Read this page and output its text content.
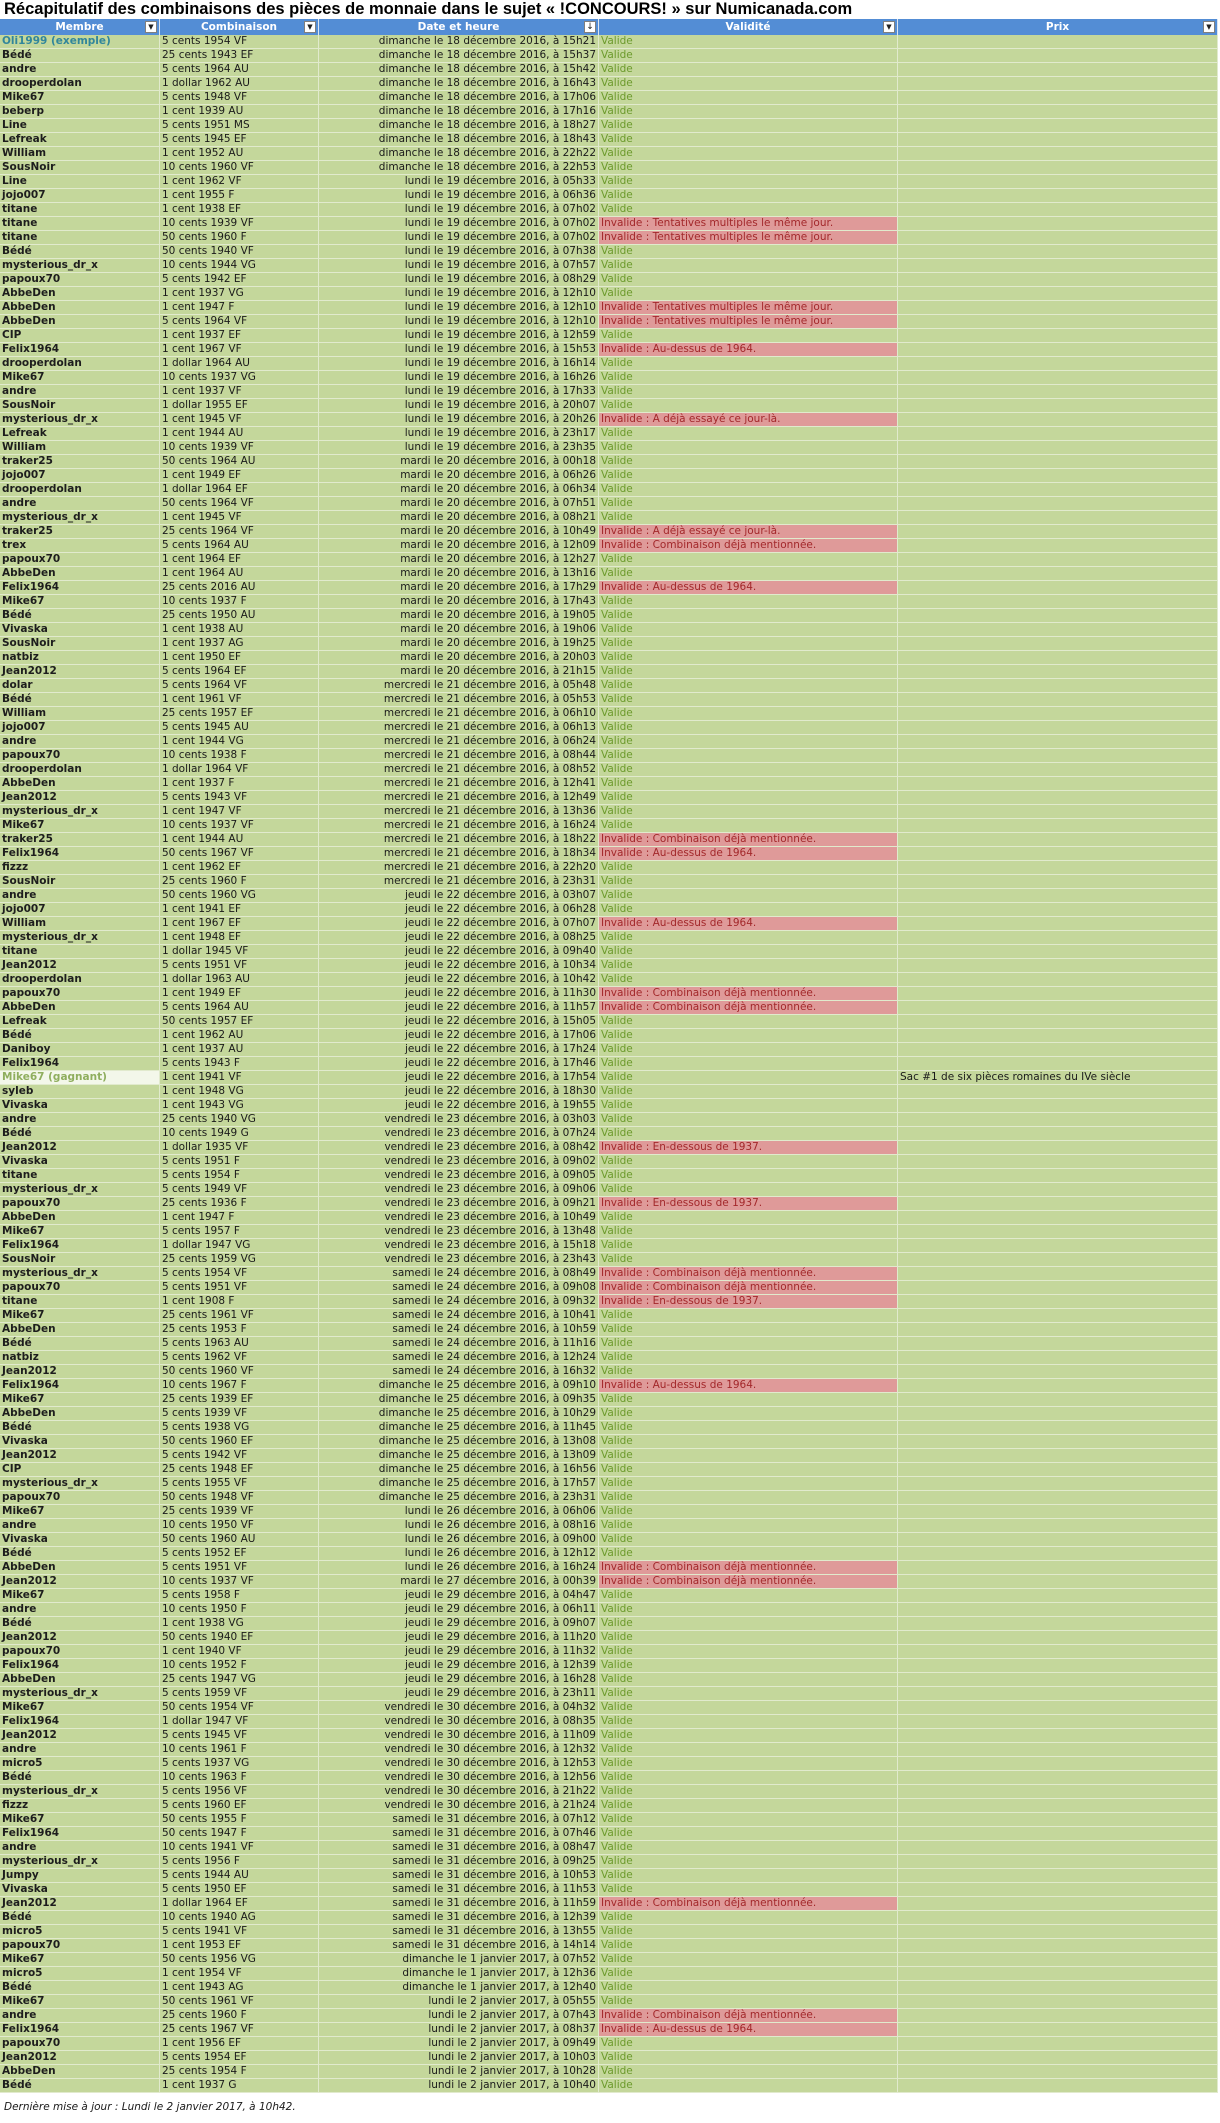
Récapitulatif des combinaisons des pièces de monnaie dans le sujet « !CONCOURS! » sur Numicanada.com
Membre	▼	Combinaison	▼	Date et heure	↓	Validité	▼	Prix	▼
Oli1999 (exemple)	5 cents 1954 VF	dimanche le 18 décembre 2016, à 15h21 Valide
Bédé	25 cents 1943 EF	dimanche le 18 décembre 2016, à 15h37 Valide
andre	5 cents 1964 AU	dimanche le 18 décembre 2016, à 15h42 Valide
drooperdolan	1 dollar 1962 AU	dimanche le 18 décembre 2016, à 16h43 Valide
Mike67	5 cents 1948 VF	dimanche le 18 décembre 2016, à 17h06 Valide
beberp	1 cent 1939 AU	dimanche le 18 décembre 2016, à 17h16 Valide
Line	5 cents 1951 MS	dimanche le 18 décembre 2016, à 18h27 Valide
Lefreak	5 cents 1945 EF	dimanche le 18 décembre 2016, à 18h43 Valide
William	1 cent 1952 AU	dimanche le 18 décembre 2016, à 22h22 Valide
SousNoir	10 cents 1960 VF	dimanche le 18 décembre 2016, à 22h53 Valide
Line	1 cent 1962 VF	lundi le 19 décembre 2016, à 05h33 Valide
jojo007	1 cent 1955 F	lundi le 19 décembre 2016, à 06h36 Valide
titane	1 cent 1938 EF	lundi le 19 décembre 2016, à 07h02 Valide
titane	10 cents 1939 VF	lundi le 19 décembre 2016, à 07h02 Invalide : Tentatives multiples le même jour.
titane	50 cents 1960 F	lundi le 19 décembre 2016, à 07h02 Invalide : Tentatives multiples le même jour.
Bédé	50 cents 1940 VF	lundi le 19 décembre 2016, à 07h38 Valide
mysterious_dr_x	10 cents 1944 VG	lundi le 19 décembre 2016, à 07h57 Valide
papoux70	5 cents 1942 EF	lundi le 19 décembre 2016, à 08h29 Valide
AbbeDen	1 cent 1937 VG	lundi le 19 décembre 2016, à 12h10 Valide
AbbeDen	1 cent 1947 F	lundi le 19 décembre 2016, à 12h10 Invalide : Tentatives multiples le même jour.
AbbeDen	5 cents 1964 VF	lundi le 19 décembre 2016, à 12h10 Invalide : Tentatives multiples le même jour.
CIP	1 cent 1937 EF	lundi le 19 décembre 2016, à 12h59 Valide
Felix1964	1 cent 1967 VF	lundi le 19 décembre 2016, à 15h53 Invalide : Au-dessus de 1964.
drooperdolan	1 dollar 1964 AU	lundi le 19 décembre 2016, à 16h14 Valide
Mike67	10 cents 1937 VG	lundi le 19 décembre 2016, à 16h26 Valide
andre	1 cent 1937 VF	lundi le 19 décembre 2016, à 17h33 Valide
SousNoir	1 dollar 1955 EF	lundi le 19 décembre 2016, à 20h07 Valide
mysterious_dr_x	1 cent 1945 VF	lundi le 19 décembre 2016, à 20h26 Invalide : A déjà essayé ce jour-là.
Lefreak	1 cent 1944 AU	lundi le 19 décembre 2016, à 23h17 Valide
William	10 cents 1939 VF	lundi le 19 décembre 2016, à 23h35 Valide
traker25	50 cents 1964 AU	mardi le 20 décembre 2016, à 00h18 Valide
jojo007	1 cent 1949 EF	mardi le 20 décembre 2016, à 06h26 Valide
drooperdolan	1 dollar 1964 EF	mardi le 20 décembre 2016, à 06h34 Valide
andre	50 cents 1964 VF	mardi le 20 décembre 2016, à 07h51 Valide
mysterious_dr_x	1 cent 1945 VF	mardi le 20 décembre 2016, à 08h21 Valide
traker25	25 cents 1964 VF	mardi le 20 décembre 2016, à 10h49 Invalide : A déjà essayé ce jour-là.
trex	5 cents 1964 AU	mardi le 20 décembre 2016, à 12h09 Invalide : Combinaison déjà mentionnée.
papoux70	1 cent 1964 EF	mardi le 20 décembre 2016, à 12h27 Valide
AbbeDen	1 cent 1964 AU	mardi le 20 décembre 2016, à 13h16 Valide
Felix1964	25 cents 2016 AU	mardi le 20 décembre 2016, à 17h29 Invalide : Au-dessus de 1964.
Mike67	10 cents 1937 F	mardi le 20 décembre 2016, à 17h43 Valide
Bédé	25 cents 1950 AU	mardi le 20 décembre 2016, à 19h05 Valide
Vivaska	1 cent 1938 AU	mardi le 20 décembre 2016, à 19h06 Valide
SousNoir	1 cent 1937 AG	mardi le 20 décembre 2016, à 19h25 Valide
natbiz	1 cent 1950 EF	mardi le 20 décembre 2016, à 20h03 Valide
Jean2012	5 cents 1964 EF	mardi le 20 décembre 2016, à 21h15 Valide
dolar	5 cents 1964 VF	mercredi le 21 décembre 2016, à 05h48 Valide
Bédé	1 cent 1961 VF	mercredi le 21 décembre 2016, à 05h53 Valide
William	25 cents 1957 EF	mercredi le 21 décembre 2016, à 06h10 Valide
jojo007	5 cents 1945 AU	mercredi le 21 décembre 2016, à 06h13 Valide
andre	1 cent 1944 VG	mercredi le 21 décembre 2016, à 06h24 Valide
papoux70	10 cents 1938 F	mercredi le 21 décembre 2016, à 08h44 Valide
drooperdolan	1 dollar 1964 VF	mercredi le 21 décembre 2016, à 08h52 Valide
AbbeDen	1 cent 1937 F	mercredi le 21 décembre 2016, à 12h41 Valide
Jean2012	5 cents 1943 VF	mercredi le 21 décembre 2016, à 12h49 Valide
mysterious_dr_x	1 cent 1947 VF	mercredi le 21 décembre 2016, à 13h36 Valide
Mike67	10 cents 1937 VF	mercredi le 21 décembre 2016, à 16h24 Valide
traker25	1 cent 1944 AU	mercredi le 21 décembre 2016, à 18h22 Invalide : Combinaison déjà mentionnée.
Felix1964	50 cents 1967 VF	mercredi le 21 décembre 2016, à 18h34 Invalide : Au-dessus de 1964.
fizzz	1 cent 1962 EF	mercredi le 21 décembre 2016, à 22h20 Valide
SousNoir	25 cents 1960 F	mercredi le 21 décembre 2016, à 23h31 Valide
andre	50 cents 1960 VG	jeudi le 22 décembre 2016, à 03h07 Valide
jojo007	1 cent 1941 EF	jeudi le 22 décembre 2016, à 06h28 Valide
William	1 cent 1967 EF	jeudi le 22 décembre 2016, à 07h07 Invalide : Au-dessus de 1964.
mysterious_dr_x	1 cent 1948 EF	jeudi le 22 décembre 2016, à 08h25 Valide
titane	1 dollar 1945 VF	jeudi le 22 décembre 2016, à 09h40 Valide
Jean2012	5 cents 1951 VF	jeudi le 22 décembre 2016, à 10h34 Valide
drooperdolan	1 dollar 1963 AU	jeudi le 22 décembre 2016, à 10h42 Valide
papoux70	1 cent 1949 EF	jeudi le 22 décembre 2016, à 11h30 Invalide : Combinaison déjà mentionnée.
AbbeDen	5 cents 1964 AU	jeudi le 22 décembre 2016, à 11h57 Invalide : Combinaison déjà mentionnée.
Lefreak	50 cents 1957 EF	jeudi le 22 décembre 2016, à 15h05 Valide
Bédé	1 cent 1962 AU	jeudi le 22 décembre 2016, à 17h06 Valide
Daniboy	1 cent 1937 AU	jeudi le 22 décembre 2016, à 17h24 Valide
Felix1964	5 cents 1943 F	jeudi le 22 décembre 2016, à 17h46 Valide
Mike67 (gagnant)	1 cent 1941 VF	jeudi le 22 décembre 2016, à 17h54 Valide	Sac #1 de six pièces romaines du IVe siècle
syleb	1 cent 1948 VG	jeudi le 22 décembre 2016, à 18h30 Valide
Vivaska	1 cent 1943 VG	jeudi le 22 décembre 2016, à 19h55 Valide
andre	25 cents 1940 VG	vendredi le 23 décembre 2016, à 03h03 Valide
Bédé	10 cents 1949 G	vendredi le 23 décembre 2016, à 07h24 Valide
Jean2012	1 dollar 1935 VF	vendredi le 23 décembre 2016, à 08h42 Invalide : En-dessous de 1937.
Vivaska	5 cents 1951 F	vendredi le 23 décembre 2016, à 09h02 Valide
titane	5 cents 1954 F	vendredi le 23 décembre 2016, à 09h05 Valide
mysterious_dr_x	5 cents 1949 VF	vendredi le 23 décembre 2016, à 09h06 Valide
papoux70	25 cents 1936 F	vendredi le 23 décembre 2016, à 09h21 Invalide : En-dessous de 1937.
AbbeDen	1 cent 1947 F	vendredi le 23 décembre 2016, à 10h49 Valide
Mike67	5 cents 1957 F	vendredi le 23 décembre 2016, à 13h48 Valide
Felix1964	1 dollar 1947 VG	vendredi le 23 décembre 2016, à 15h18 Valide
SousNoir	25 cents 1959 VG	vendredi le 23 décembre 2016, à 23h43 Valide
mysterious_dr_x	5 cents 1954 VF	samedi le 24 décembre 2016, à 08h49 Invalide : Combinaison déjà mentionnée.
papoux70	5 cents 1951 VF	samedi le 24 décembre 2016, à 09h08 Invalide : Combinaison déjà mentionnée.
titane	1 cent 1908 F	samedi le 24 décembre 2016, à 09h32 Invalide : En-dessous de 1937.
Mike67	25 cents 1961 VF	samedi le 24 décembre 2016, à 10h41 Valide
AbbeDen	25 cents 1953 F	samedi le 24 décembre 2016, à 10h59 Valide
Bédé	5 cents 1963 AU	samedi le 24 décembre 2016, à 11h16 Valide
natbiz	5 cents 1962 VF	samedi le 24 décembre 2016, à 12h24 Valide
Jean2012	50 cents 1960 VF	samedi le 24 décembre 2016, à 16h32 Valide
Felix1964	10 cents 1967 F	dimanche le 25 décembre 2016, à 09h10 Invalide : Au-dessus de 1964.
Mike67	25 cents 1939 EF	dimanche le 25 décembre 2016, à 09h35 Valide
AbbeDen	5 cents 1939 VF	dimanche le 25 décembre 2016, à 10h29 Valide
Bédé	5 cents 1938 VG	dimanche le 25 décembre 2016, à 11h45 Valide
Vivaska	50 cents 1960 EF	dimanche le 25 décembre 2016, à 13h08 Valide
Jean2012	5 cents 1942 VF	dimanche le 25 décembre 2016, à 13h09 Valide
CIP	25 cents 1948 EF	dimanche le 25 décembre 2016, à 16h56 Valide
mysterious_dr_x	5 cents 1955 VF	dimanche le 25 décembre 2016, à 17h57 Valide
papoux70	50 cents 1948 VF	dimanche le 25 décembre 2016, à 23h31 Valide
Mike67	25 cents 1939 VF	lundi le 26 décembre 2016, à 06h06 Valide
andre	10 cents 1950 VF	lundi le 26 décembre 2016, à 08h16 Valide
Vivaska	50 cents 1960 AU	lundi le 26 décembre 2016, à 09h00 Valide
Bédé	5 cents 1952 EF	lundi le 26 décembre 2016, à 12h12 Valide
AbbeDen	5 cents 1951 VF	lundi le 26 décembre 2016, à 16h24 Invalide : Combinaison déjà mentionnée.
Jean2012	10 cents 1937 VF	mardi le 27 décembre 2016, à 00h39 Invalide : Combinaison déjà mentionnée.
Mike67	5 cents 1958 F	jeudi le 29 décembre 2016, à 04h47 Valide
andre	10 cents 1950 F	jeudi le 29 décembre 2016, à 06h11 Valide
Bédé	1 cent 1938 VG	jeudi le 29 décembre 2016, à 09h07 Valide
Jean2012	50 cents 1940 EF	jeudi le 29 décembre 2016, à 11h20 Valide
papoux70	1 cent 1940 VF	jeudi le 29 décembre 2016, à 11h32 Valide
Felix1964	10 cents 1952 F	jeudi le 29 décembre 2016, à 12h39 Valide
AbbeDen	25 cents 1947 VG	jeudi le 29 décembre 2016, à 16h28 Valide
mysterious_dr_x	5 cents 1959 VF	jeudi le 29 décembre 2016, à 23h11 Valide
Mike67	50 cents 1954 VF	vendredi le 30 décembre 2016, à 04h32 Valide
Felix1964	1 dollar 1947 VF	vendredi le 30 décembre 2016, à 08h35 Valide
Jean2012	5 cents 1945 VF	vendredi le 30 décembre 2016, à 11h09 Valide
andre	10 cents 1961 F	vendredi le 30 décembre 2016, à 12h32 Valide
micro5	5 cents 1937 VG	vendredi le 30 décembre 2016, à 12h53 Valide
Bédé	10 cents 1963 F	vendredi le 30 décembre 2016, à 12h56 Valide
mysterious_dr_x	5 cents 1956 VF	vendredi le 30 décembre 2016, à 21h22 Valide
fizzz	5 cents 1960 EF	vendredi le 30 décembre 2016, à 21h24 Valide
Mike67	50 cents 1955 F	samedi le 31 décembre 2016, à 07h12 Valide
Felix1964	50 cents 1947 F	samedi le 31 décembre 2016, à 07h46 Valide
andre	10 cents 1941 VF	samedi le 31 décembre 2016, à 08h47 Valide
mysterious_dr_x	5 cents 1956 F	samedi le 31 décembre 2016, à 09h25 Valide
Jumpy	5 cents 1944 AU	samedi le 31 décembre 2016, à 10h53 Valide
Vivaska	5 cents 1950 EF	samedi le 31 décembre 2016, à 11h53 Valide
Jean2012	1 dollar 1964 EF	samedi le 31 décembre 2016, à 11h59 Invalide : Combinaison déjà mentionnée.
Bédé	10 cents 1940 AG	samedi le 31 décembre 2016, à 12h39 Valide
micro5	5 cents 1941 VF	samedi le 31 décembre 2016, à 13h55 Valide
papoux70	1 cent 1953 EF	samedi le 31 décembre 2016, à 14h14 Valide
Mike67	50 cents 1956 VG	dimanche le 1 janvier 2017, à 07h52 Valide
micro5	1 cent 1954 VF	dimanche le 1 janvier 2017, à 12h36 Valide
Bédé	1 cent 1943 AG	dimanche le 1 janvier 2017, à 12h40 Valide
Mike67	50 cents 1961 VF	lundi le 2 janvier 2017, à 05h55 Valide
andre	25 cents 1960 F	lundi le 2 janvier 2017, à 07h43 Invalide : Combinaison déjà mentionnée.
Felix1964	25 cents 1967 VF	lundi le 2 janvier 2017, à 08h37 Invalide : Au-dessus de 1964.
papoux70	1 cent 1956 EF	lundi le 2 janvier 2017, à 09h49 Valide
Jean2012	5 cents 1954 EF	lundi le 2 janvier 2017, à 10h03 Valide
AbbeDen	25 cents 1954 F	lundi le 2 janvier 2017, à 10h28 Valide
Bédé	1 cent 1937 G	lundi le 2 janvier 2017, à 10h40 Valide
Dernière mise à jour : Lundi le 2 janvier 2017, à 10h42.
